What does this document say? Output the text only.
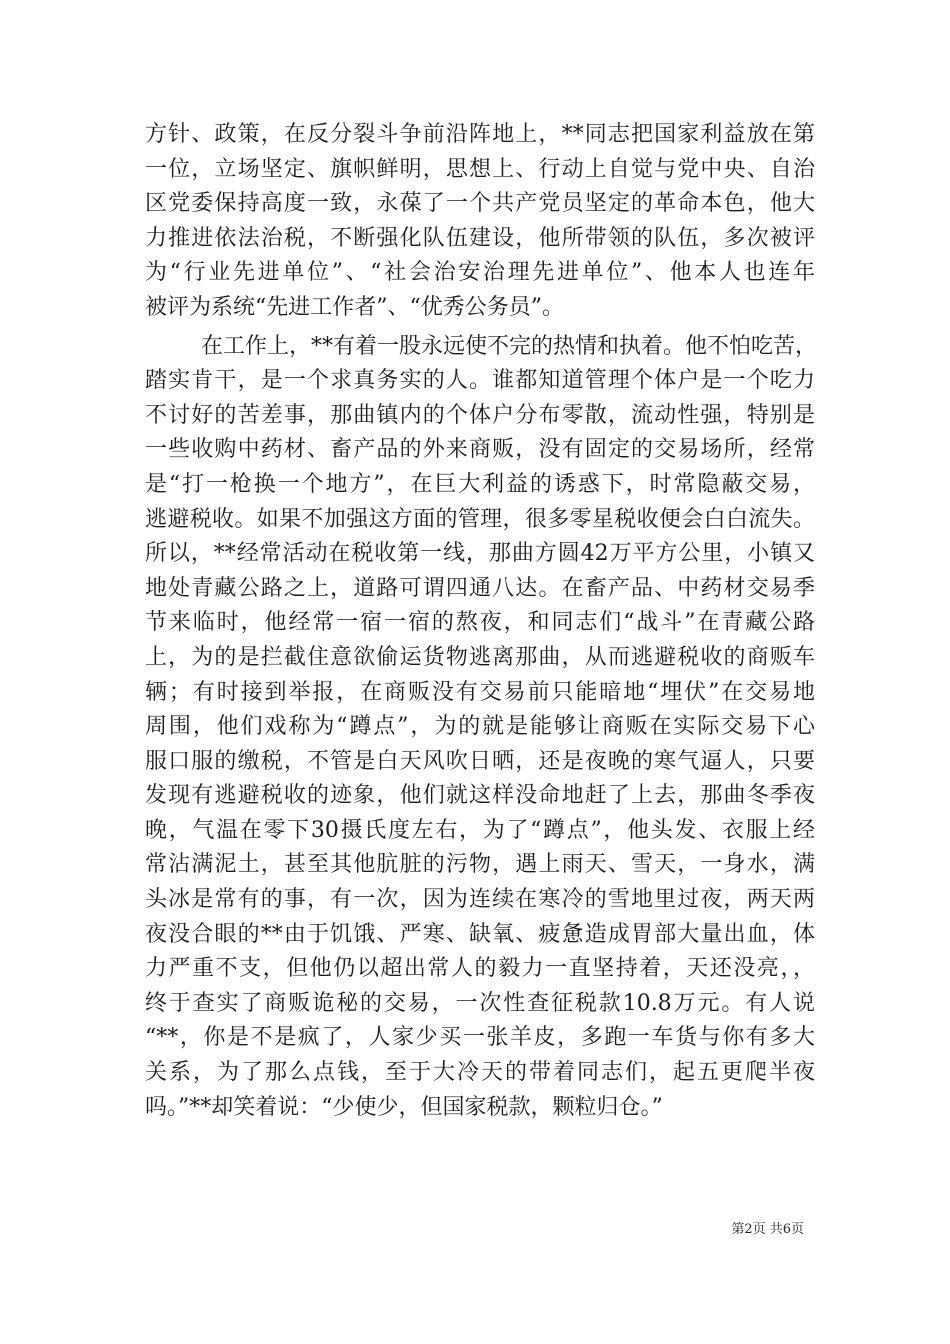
方针、政策，在反分裂斗争前沿阵地上，**同志把国家利益放在第
一位，立场坚定、旗帜鲜明，思想上、行动上自觉与党中央、自治
区党委保持高度一致，永葆了一个共产党员坚定的革命本色，他大
力推进依法治税，不断强化队伍建设，他所带领的队伍，多次被评
为“行业先进单位”、“社会治安治理先进单位”、他本人也连年
被评为系统“先进工作者”、“优秀公务员”。
在工作上，**有着一股永远使不完的热情和执着。他不怕吃苦，
踏实肯干，是一个求真务实的人。谁都知道管理个体户是一个吃力
不讨好的苦差事，那曲镇内的个体户分布零散，流动性强，特别是
一些收购中药材、畜产品的外来商贩，没有固定的交易场所，经常
是“打一枪换一个地方”，在巨大利益的诱惑下，时常隐蔽交易，
逃避税收。如果不加强这方面的管理，很多零星税收便会白白流失。
所以，**经常活动在税收第一线，那曲方圆42万平方公里，小镇又
地处青藏公路之上，道路可谓四通八达。在畜产品、中药材交易季
节来临时，他经常一宿一宿的熬夜，和同志们“战斗”在青藏公路
上，为的是拦截住意欲偷运货物逃离那曲，从而逃避税收的商贩车
辆；有时接到举报，在商贩没有交易前只能暗地“埋伏”在交易地
周围，他们戏称为“蹲点”，为的就是能够让商贩在实际交易下心
服口服的缴税，不管是白天风吹日晒，还是夜晚的寒气逼人，只要
发现有逃避税收的迹象，他们就这样没命地赶了上去，那曲冬季夜
晚，气温在零下30摄氏度左右，为了“蹲点”，他头发、衣服上经
常沾满泥土，甚至其他肮脏的污物，遇上雨天、雪天，一身水，满
头冰是常有的事，有一次，因为连续在寒冷的雪地里过夜，两天两
夜没合眼的**由于饥饿、严寒、缺氧、疲惫造成胃部大量出血，体
力严重不支，但他仍以超出常人的毅力一直坚持着，天还没亮，，
终于查实了商贩诡秘的交易，一次性查征税款10.8万元。有人说
“**，你是不是疯了，人家少买一张羊皮，多跑一车货与你有多大
关系，为了那么点钱，至于大冷天的带着同志们，起五更爬半夜
吗。”**却笑着说：“少使少，但国家税款，颗粒归仓。”
第2页 共6页
